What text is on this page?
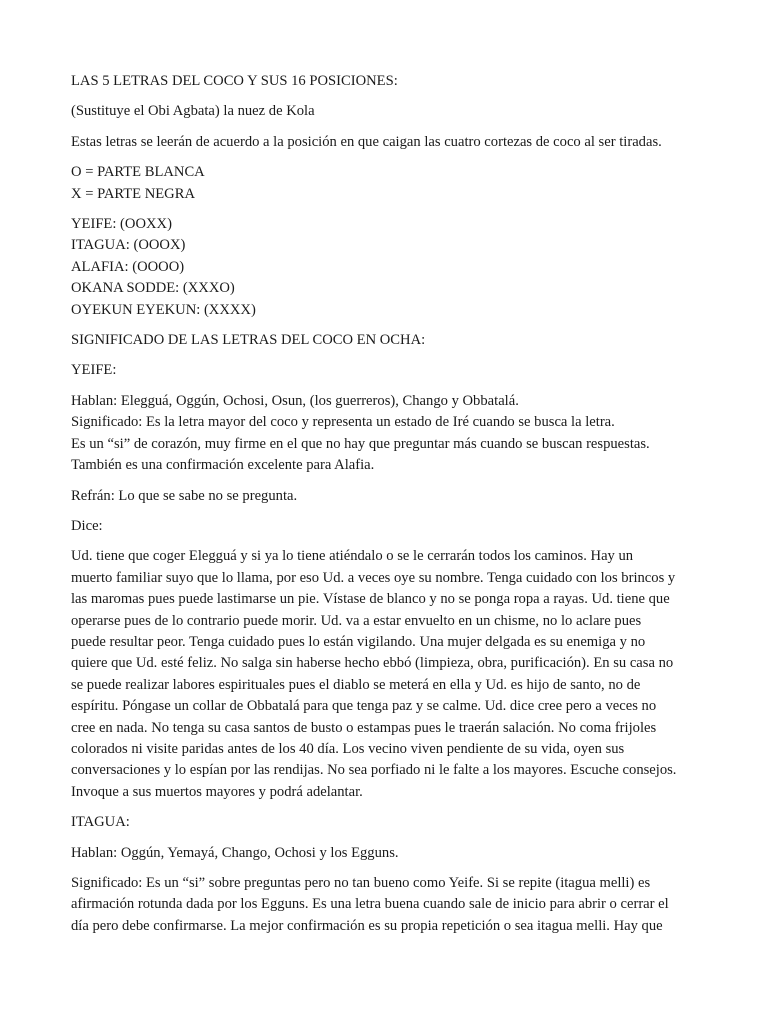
LAS 5 LETRAS DEL COCO Y SUS 16 POSICIONES:

(Sustituye el Obi Agbata) la nuez de Kola

Estas letras se leerán de acuerdo a la posición en que caigan las cuatro cortezas de coco al ser tiradas.

O = PARTE BLANCA
X = PARTE NEGRA

YEIFE: (OOXX)
ITAGUA: (OOOX)
ALAFIA: (OOOO)
OKANA SODDE: (XXXO)
OYEKUN EYEKUN: (XXXX)

SIGNIFICADO DE LAS LETRAS DEL COCO EN OCHA:

YEIFE:

Hablan: Elegguá, Oggún, Ochosi, Osun, (los guerreros), Chango y Obbatalá.
Significado: Es la letra mayor del coco y representa un estado de Iré cuando se busca la letra.
Es un “si” de corazón, muy firme en el que no hay que preguntar más cuando se buscan respuestas.
También es una confirmación excelente para Alafia.

Refrán: Lo que se sabe no se pregunta.

Dice:

Ud. tiene que coger Elegguá y si ya lo tiene atiéndalo o se le cerrarán todos los caminos. Hay un
muerto familiar suyo que lo llama, por eso Ud. a veces oye su nombre. Tenga cuidado con los brincos y
las maromas pues puede lastimarse un pie. Vístase de blanco y no se ponga ropa a rayas. Ud. tiene que
operarse pues de lo contrario puede morir. Ud. va a estar envuelto en un chisme, no lo aclare pues
puede resultar peor. Tenga cuidado pues lo están vigilando. Una mujer delgada es su enemiga y no
quiere que Ud. esté feliz. No salga sin haberse hecho ebbó (limpieza, obra, purificación). En su casa no
se puede realizar labores espirituales pues el diablo se meterá en ella y Ud. es hijo de santo, no de
espíritu. Póngase un collar de Obbatalá para que tenga paz y se calme. Ud. dice cree pero a veces no
cree en nada. No tenga su casa santos de busto o estampas pues le traerán salación. No coma frijoles
colorados ni visite paridas antes de los 40 día. Los vecino viven pendiente de su vida, oyen sus
conversaciones y lo espían por las rendijas. No sea porfiado ni le falte a los mayores. Escuche consejos.
Invoque a sus muertos mayores y podrá adelantar.

ITAGUA:

Hablan: Oggún, Yemayá, Chango, Ochosi y los Egguns.

Significado: Es un “si” sobre preguntas pero no tan bueno como Yeife. Si se repite (itagua melli) es
afirmación rotunda dada por los Egguns. Es una letra buena cuando sale de inicio para abrir o cerrar el
día pero debe confirmarse. La mejor confirmación es su propia repetición o sea itagua melli. Hay que
